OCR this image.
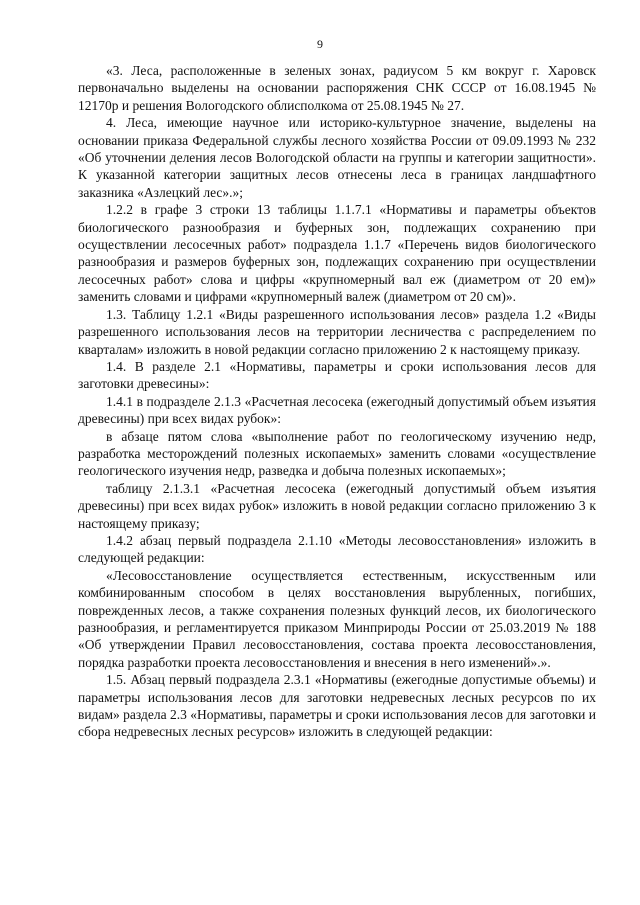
9

«3. Леса, расположенные в зеленых зонах, радиусом 5 км вокруг г. Харовск первоначально выделены на основании распоряжения СНК СССР от 16.08.1945 № 12170р и решения Вологодского облисполкома от 25.08.1945 № 27.

4. Леса, имеющие научное или историко-культурное значение, выделены на основании приказа Федеральной службы лесного хозяйства России от 09.09.1993 № 232 «Об уточнении деления лесов Вологодской области на группы и категории защитности». К указанной категории защитных лесов отнесены леса в границах ландшафтного заказника «Азлецкий лес».»;

1.2.2 в графе 3 строки 13 таблицы 1.1.7.1 «Нормативы и параметры объектов биологического разнообразия и буферных зон, подлежащих сохранению при осуществлении лесосечных работ» подраздела 1.1.7 «Перечень видов биологического разнообразия и размеров буферных зон, подлежащих сохранению при осуществлении лесосечных работ» слова и цифры «крупномерный вал еж (диаметром от 20 ем)» заменить словами и цифрами «крупномерный валеж (диаметром от 20 см)».

1.3. Таблицу 1.2.1 «Виды разрешенного использования лесов» раздела 1.2 «Виды разрешенного использования лесов на территории лесничества с распределением по кварталам» изложить в новой редакции согласно приложению 2 к настоящему приказу.

1.4. В разделе 2.1 «Нормативы, параметры и сроки использования лесов для заготовки древесины»:

1.4.1 в подразделе 2.1.3 «Расчетная лесосека (ежегодный допустимый объем изъятия древесины) при всех видах рубок»:

в абзаце пятом слова «выполнение работ по геологическому изучению недр, разработка месторождений полезных ископаемых» заменить словами «осуществление геологического изучения недр, разведка и добыча полезных ископаемых»;

таблицу 2.1.3.1 «Расчетная лесосека (ежегодный допустимый объем изъятия древесины) при всех видах рубок» изложить в новой редакции согласно приложению 3 к настоящему приказу;

1.4.2 абзац первый подраздела 2.1.10 «Методы лесовосстановления» изложить в следующей редакции:

«Лесовосстановление осуществляется естественным, искусственным или комбинированным способом в целях восстановления вырубленных, погибших, поврежденных лесов, а также сохранения полезных функций лесов, их биологического разнообразия, и регламентируется приказом Минприроды России от 25.03.2019 № 188 «Об утверждении Правил лесовосстановления, состава проекта лесовосстановления, порядка разработки проекта лесовосстановления и внесения в него изменений».».

1.5. Абзац первый подраздела 2.3.1 «Нормативы (ежегодные допустимые объемы) и параметры использования лесов для заготовки недревесных лесных ресурсов по их видам» раздела 2.3 «Нормативы, параметры и сроки использования лесов для заготовки и сбора недревесных лесных ресурсов» изложить в следующей редакции:
